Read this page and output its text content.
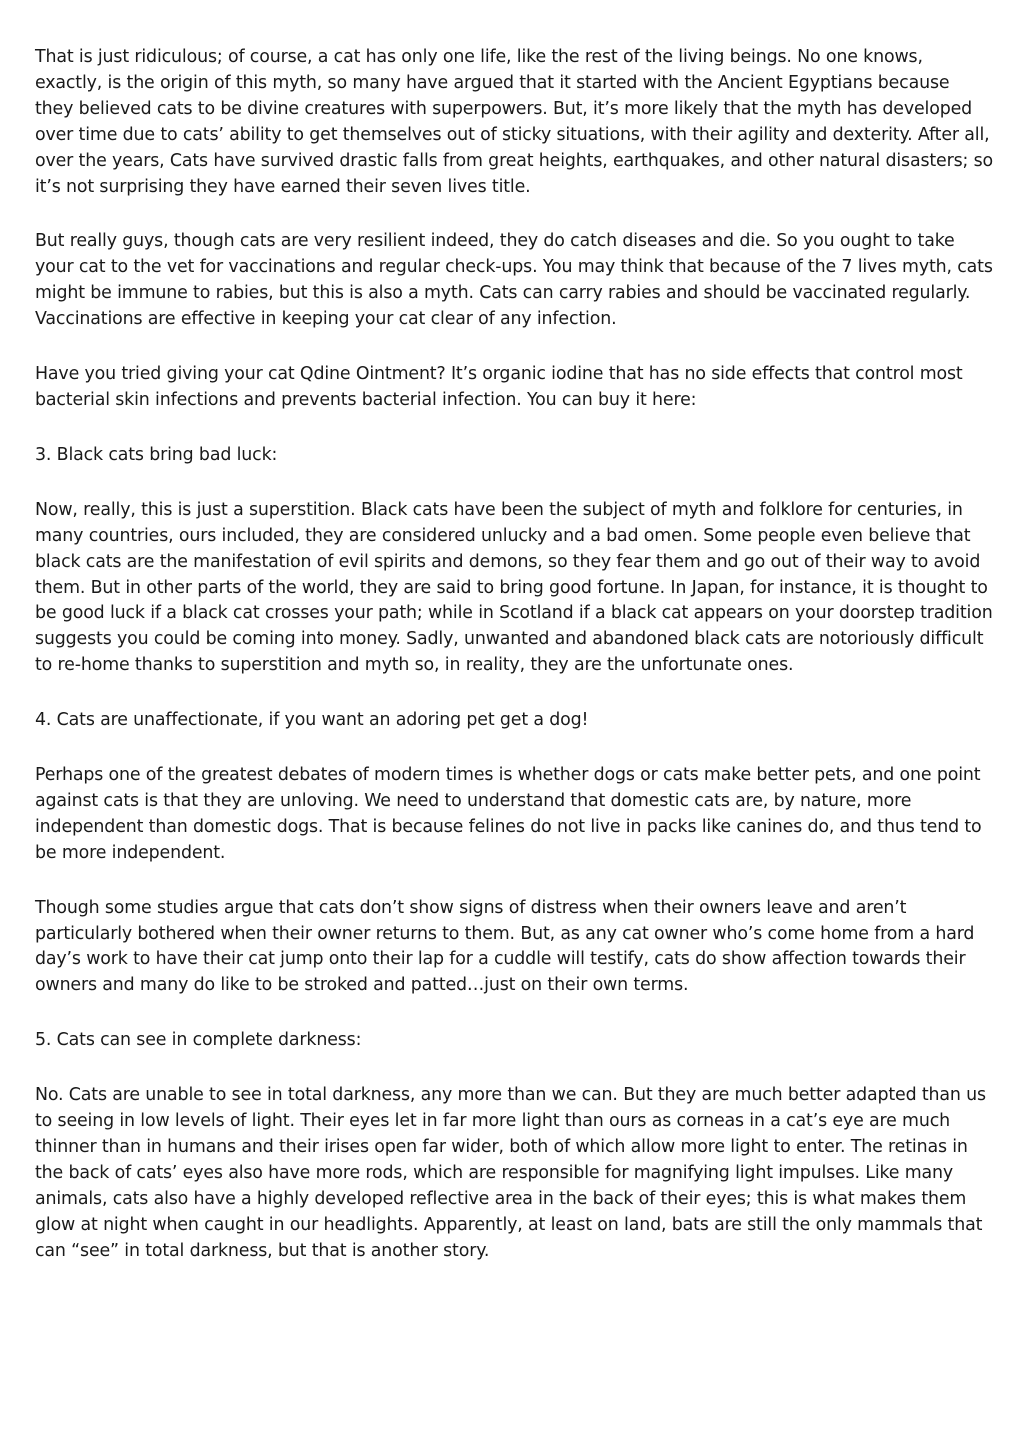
That is just ridiculous; of course, a cat has only one life, like the rest of the living beings. No one knows, exactly, is the origin of this myth, so many have argued that it started with the Ancient Egyptians because they believed cats to be divine creatures with superpowers. But, it’s more likely that the myth has developed over time due to cats’ ability to get themselves out of sticky situations, with their agility and dexterity. After all, over the years, Cats have survived drastic falls from great heights, earthquakes, and other natural disasters; so it’s not surprising they have earned their seven lives title.

But really guys, though cats are very resilient indeed, they do catch diseases and die. So you ought to take your cat to the vet for vaccinations and regular check-ups. You may think that because of the 7 lives myth, cats might be immune to rabies, but this is also a myth. Cats can carry rabies and should be vaccinated regularly. Vaccinations are effective in keeping your cat clear of any infection.

Have you tried giving your cat Qdine Ointment? It’s organic iodine that has no side effects that control most bacterial skin infections and prevents bacterial infection. You can buy it here:

3. Black cats bring bad luck:

Now, really, this is just a superstition. Black cats have been the subject of myth and folklore for centuries, in many countries, ours included, they are considered unlucky and a bad omen. Some people even believe that black cats are the manifestation of evil spirits and demons, so they fear them and go out of their way to avoid them. But in other parts of the world, they are said to bring good fortune. In Japan, for instance, it is thought to be good luck if a black cat crosses your path; while in Scotland if a black cat appears on your doorstep tradition suggests you could be coming into money. Sadly, unwanted and abandoned black cats are notoriously difficult to re-home thanks to superstition and myth so, in reality, they are the unfortunate ones.

4. Cats are unaffectionate, if you want an adoring pet get a dog!

Perhaps one of the greatest debates of modern times is whether dogs or cats make better pets, and one point against cats is that they are unloving. We need to understand that domestic cats are, by nature, more independent than domestic dogs. That is because felines do not live in packs like canines do, and thus tend to be more independent.

Though some studies argue that cats don’t show signs of distress when their owners leave and aren’t particularly bothered when their owner returns to them. But, as any cat owner who’s come home from a hard day’s work to have their cat jump onto their lap for a cuddle will testify, cats do show affection towards their owners and many do like to be stroked and patted…just on their own terms.

5. Cats can see in complete darkness:

No. Cats are unable to see in total darkness, any more than we can. But they are much better adapted than us to seeing in low levels of light. Their eyes let in far more light than ours as corneas in a cat’s eye are much thinner than in humans and their irises open far wider, both of which allow more light to enter. The retinas in the back of cats’ eyes also have more rods, which are responsible for magnifying light impulses. Like many animals, cats also have a highly developed reflective area in the back of their eyes; this is what makes them glow at night when caught in our headlights. Apparently, at least on land, bats are still the only mammals that can “see” in total darkness, but that is another story.
